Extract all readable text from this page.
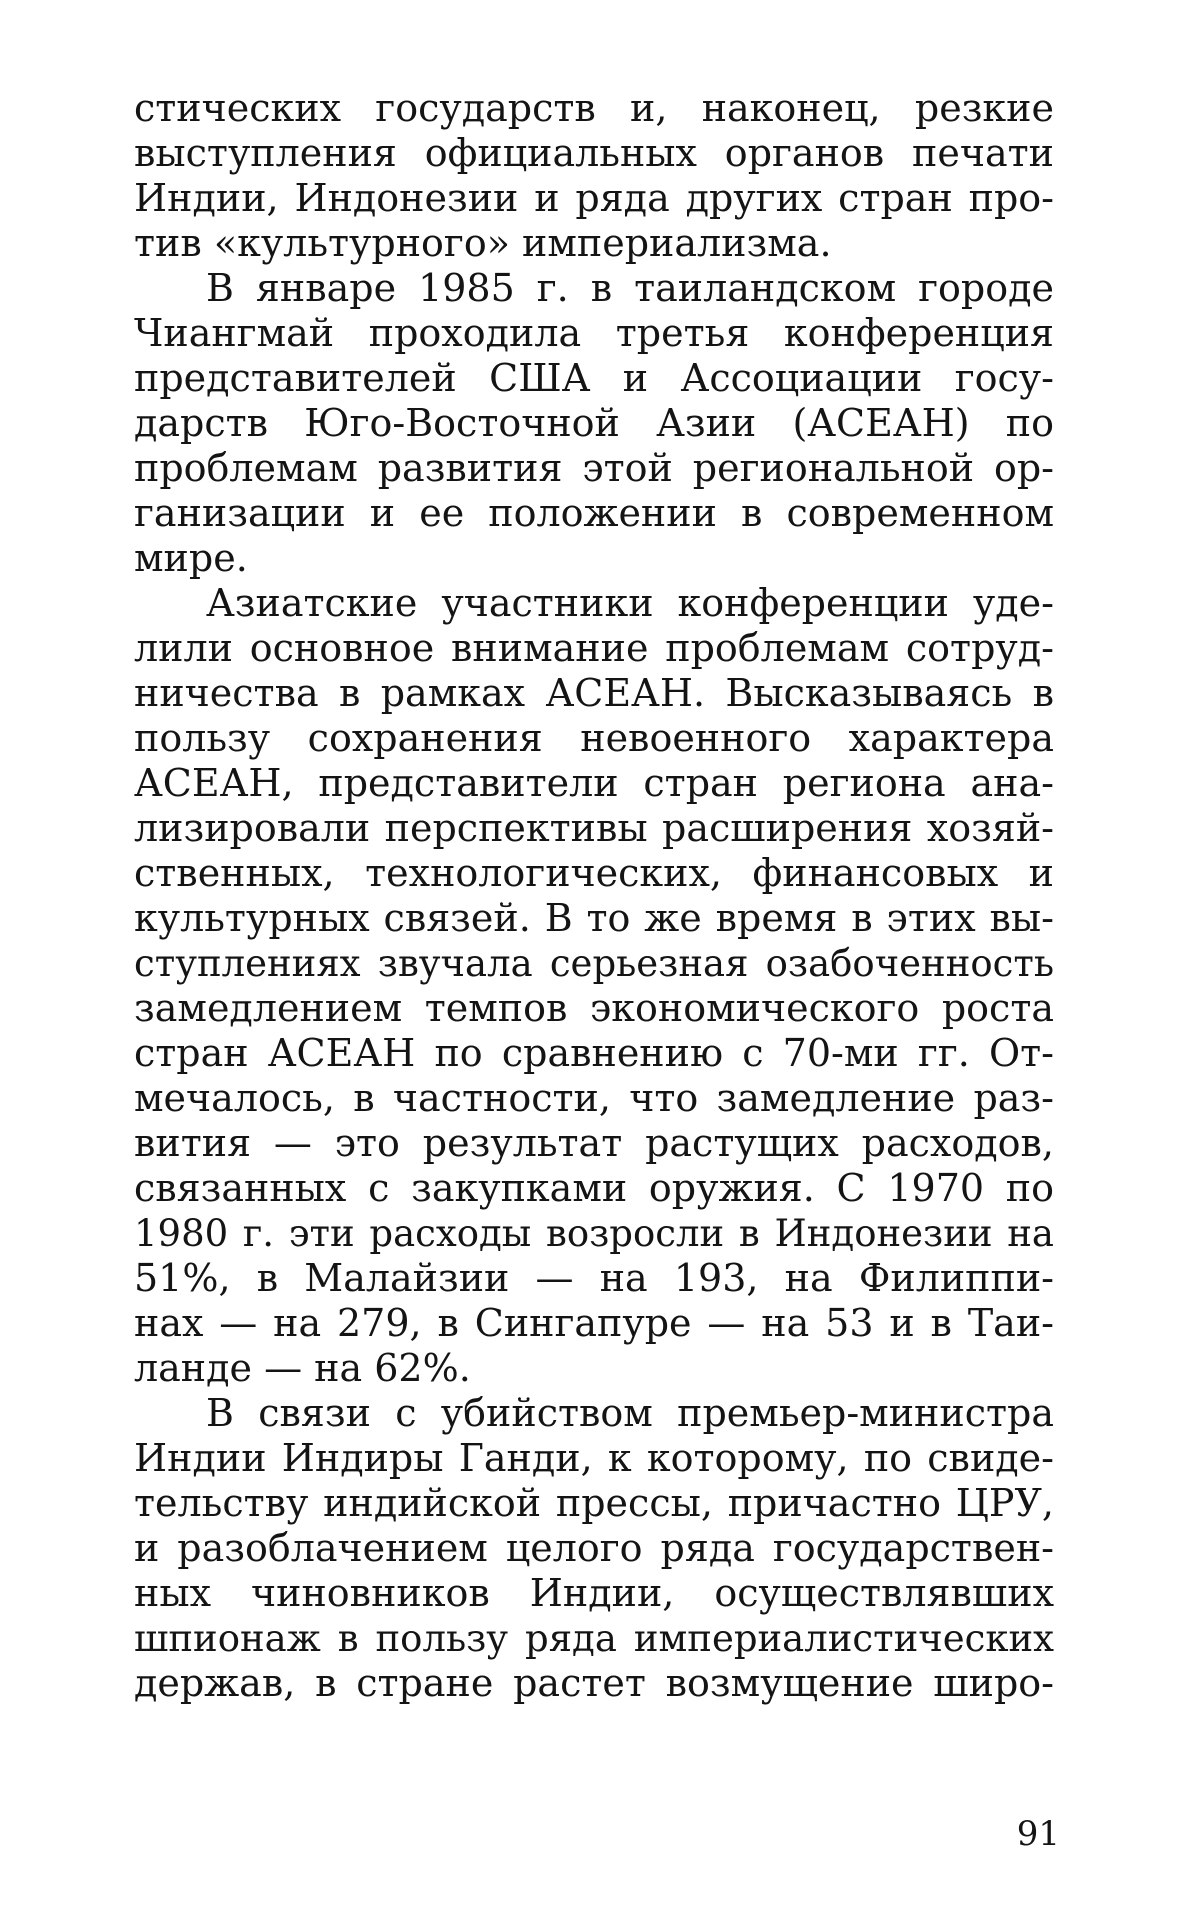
стических государств и, наконец, резкие
выступления официальных органов печати
Индии, Индонезии и ряда других стран про-
тив «культурного» империализма.

В январе 1985 г. в таиландском городе
Чиангмай проходила третья конференция
представителей США и Ассоциации госу-
дарств Юго-Восточной Азии (АСЕАН) по
проблемам развития этой региональной ор-
ганизации и ее положении в современном
мире.

Азиатские участники конференции уде-
лили основное внимание проблемам сотруд-
ничества в рамках АСЕАН. Высказываясь в
пользу сохранения невоенного характера
АСЕАН, представители стран региона ана-
лизировали перспективы расширения хозяй-
ственных, технологических, финансовых и
культурных связей. В то же время в этих вы-
ступлениях звучала серьезная озабоченность
замедлением темпов экономического роста
стран АСЕАН по сравнению с 70-ми гг. От-
мечалось, в частности, что замедление раз-
вития — это результат растущих расходов,
связанных с закупками оружия. С 1970 по
1980 г. эти расходы возросли в Индонезии на
51%, в Малайзии — на 193, на Филиппи-
нах — на 279, в Сингапуре — на 53 и в Таи-
ланде — на 62%.

В связи с убийством премьер-министра
Индии Индиры Ганди, к которому, по свиде-
тельству индийской прессы, причастно ЦРУ,
и разоблачением целого ряда государствен-
ных чиновников Индии, осуществлявших
шпионаж в пользу ряда империалистических
держав, в стране растет возмущение широ-

91
